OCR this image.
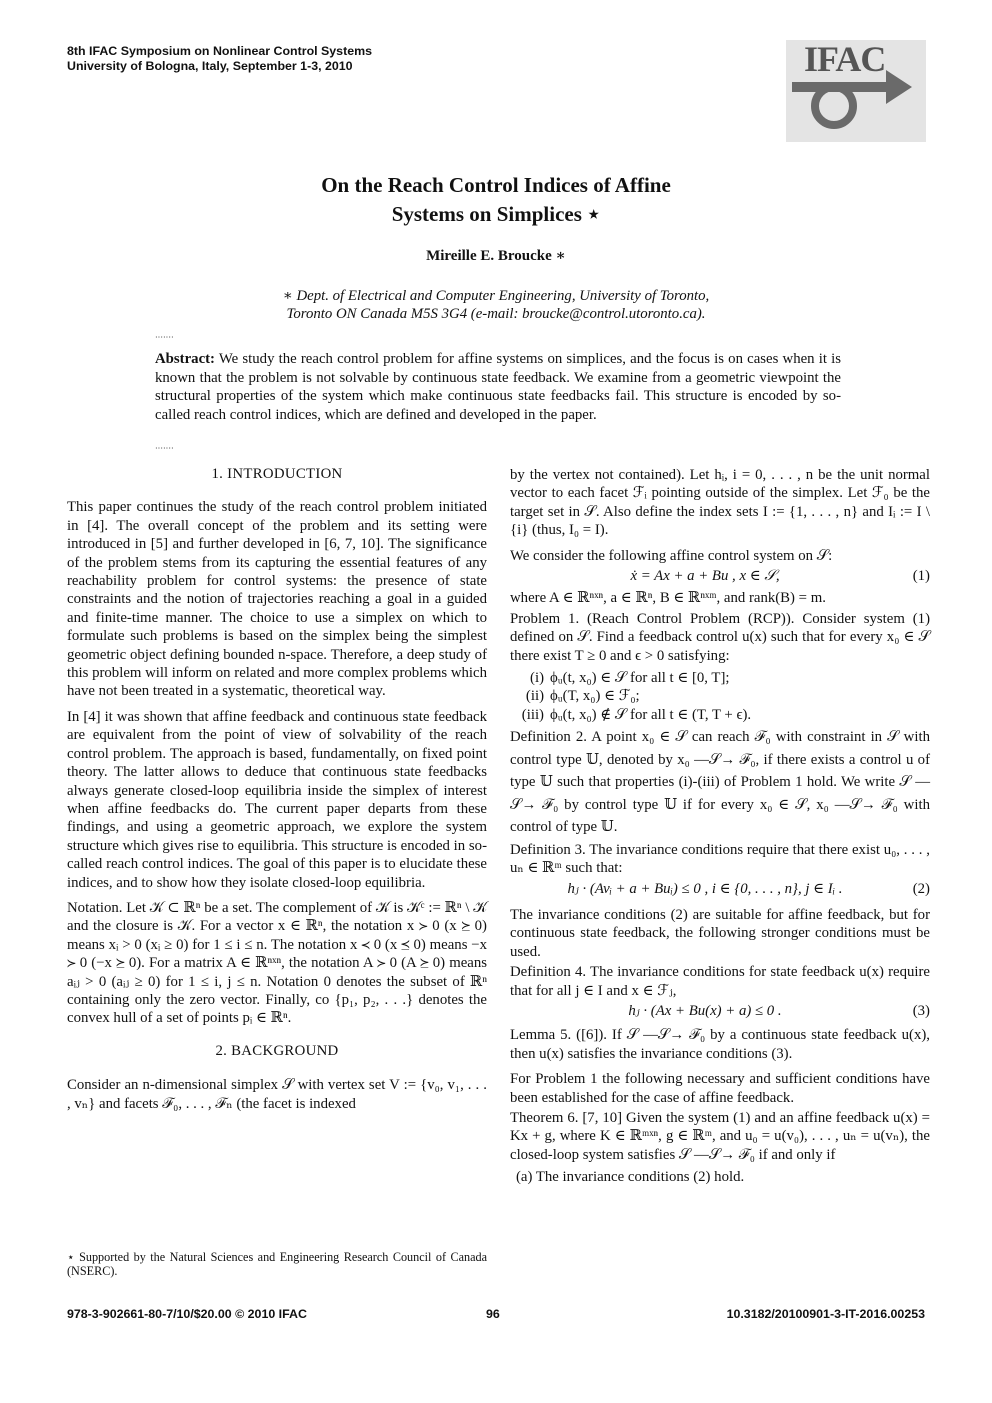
8th IFAC Symposium on Nonlinear Control Systems
University of Bologna, Italy, September 1-3, 2010	IFAC
On the Reach Control Indices of Affine
Systems on Simplices ⋆
Mireille E. Broucke ∗
∗ Dept. of Electrical and Computer Engineering, University of Toronto,
Toronto ON Canada M5S 3G4 (e-mail: broucke@control.utoronto.ca).
·······
Abstract: We study the reach control problem for affine systems on simplices, and the focus is on cases when it is known that the problem is not solvable by continuous state feedback. We examine from a geometric viewpoint the structural properties of the system which make continuous state feedbacks fail. This structure is encoded by so-called reach control indices, which are defined and developed in the paper.
·······
1. INTRODUCTION

This paper continues the study of the reach control problem initiated in [4]. The overall concept of the problem and its setting were introduced in [5] and further developed in [6, 7, 10]. The significance of the problem stems from its capturing the essential features of any reachability problem for control systems: the presence of state constraints and the notion of trajectories reaching a goal in a guided and finite-time manner. The choice to use a simplex on which to formulate such problems is based on the simplex being the simplest geometric object defining bounded n-space. Therefore, a deep study of this problem will inform on related and more complex problems which have not been treated in a systematic, theoretical way.

In [4] it was shown that affine feedback and continuous state feedback are equivalent from the point of view of solvability of the reach control problem. The approach is based, fundamentally, on fixed point theory. The latter allows to deduce that continuous state feedbacks always generate closed-loop equilibria inside the simplex of interest when affine feedbacks do. The current paper departs from these findings, and using a geometric approach, we explore the system structure which gives rise to equilibria. This structure is encoded in so-called reach control indices. The goal of this paper is to elucidate these indices, and to show how they isolate closed-loop equilibria.

Notation. Let 𝒦 ⊂ ℝⁿ be a set. The complement of 𝒦 is 𝒦ᶜ := ℝⁿ \ 𝒦 and the closure is 𝒦. For a vector x ∈ ℝⁿ, the notation x ≻ 0 (x ⪰ 0) means xᵢ > 0 (xᵢ ≥ 0) for 1 ≤ i ≤ n. The notation x ≺ 0 (x ⪯ 0) means −x ≻ 0 (−x ⪰ 0). For a matrix A ∈ ℝⁿˣⁿ, the notation A ≻ 0 (A ⪰ 0) means aᵢⱼ > 0 (aᵢⱼ ≥ 0) for 1 ≤ i, j ≤ n. Notation 0 denotes the subset of ℝⁿ containing only the zero vector. Finally, co {p₁, p₂, . . .} denotes the convex hull of a set of points pᵢ ∈ ℝⁿ.

2. BACKGROUND

Consider an n-dimensional simplex 𝒮 with vertex set V := {v₀, v₁, . . . , vₙ} and facets ℱ₀, . . . , ℱₙ (the facet is indexed

⋆ Supported by the Natural Sciences and Engineering Research Council of Canada (NSERC).

by the vertex not contained). Let hᵢ, i = 0, . . . , n be the unit normal vector to each facet ℱᵢ pointing outside of the simplex. Let ℱ₀ be the target set in 𝒮. Also define the index sets I := {1, . . . , n} and Iᵢ := I \ {i} (thus, I₀ = I).

We consider the following affine control system on 𝒮:

ẋ = Ax + a + Bu , x ∈ 𝒮,	(1)

where A ∈ ℝⁿˣⁿ, a ∈ ℝⁿ, B ∈ ℝⁿˣᵐ, and rank(B) = m.

Problem 1. (Reach Control Problem (RCP)). Consider system (1) defined on 𝒮. Find a feedback control u(x) such that for every x₀ ∈ 𝒮 there exist T ≥ 0 and ϵ > 0 satisfying:

(i) ϕᵤ(t, x₀) ∈ 𝒮 for all t ∈ [0, T];
(ii) ϕᵤ(T, x₀) ∈ ℱ₀;
(iii) ϕᵤ(t, x₀) ∉ 𝒮 for all t ∈ (T, T + ϵ).

Definition 2. A point x₀ ∈ 𝒮 can reach ℱ₀ with constraint in 𝒮 with control type 𝕌, denoted by x₀ —𝒮→ ℱ₀, if there exists a control u of type 𝕌 such that properties (i)-(iii) of Problem 1 hold. We write 𝒮 —𝒮→ ℱ₀ by control type 𝕌 if for every x₀ ∈ 𝒮, x₀ —𝒮→ ℱ₀ with control of type 𝕌.

Definition 3. The invariance conditions require that there exist u₀, . . . , uₙ ∈ ℝᵐ such that:

hⱼ · (Avᵢ + a + Buᵢ) ≤ 0 , i ∈ {0, . . . , n}, j ∈ Iᵢ .	(2)

The invariance conditions (2) are suitable for affine feedback, but for continuous state feedback, the following stronger conditions must be used.

Definition 4. The invariance conditions for state feedback u(x) require that for all j ∈ I and x ∈ ℱⱼ,

hⱼ · (Ax + Bu(x) + a) ≤ 0 .	(3)

Lemma 5. ([6]). If 𝒮 —𝒮→ ℱ₀ by a continuous state feedback u(x), then u(x) satisfies the invariance conditions (3).

For Problem 1 the following necessary and sufficient conditions have been established for the case of affine feedback.

Theorem 6. [7, 10] Given the system (1) and an affine feedback u(x) = Kx + g, where K ∈ ℝᵐˣⁿ, g ∈ ℝᵐ, and u₀ = u(v₀), . . . , uₙ = u(vₙ), the closed-loop system satisfies 𝒮 —𝒮→ ℱ₀ if and only if

(a) The invariance conditions (2) hold.

978-3-902661-80-7/10/$20.00 © 2010 IFAC	96	10.3182/20100901-3-IT-2016.00253
